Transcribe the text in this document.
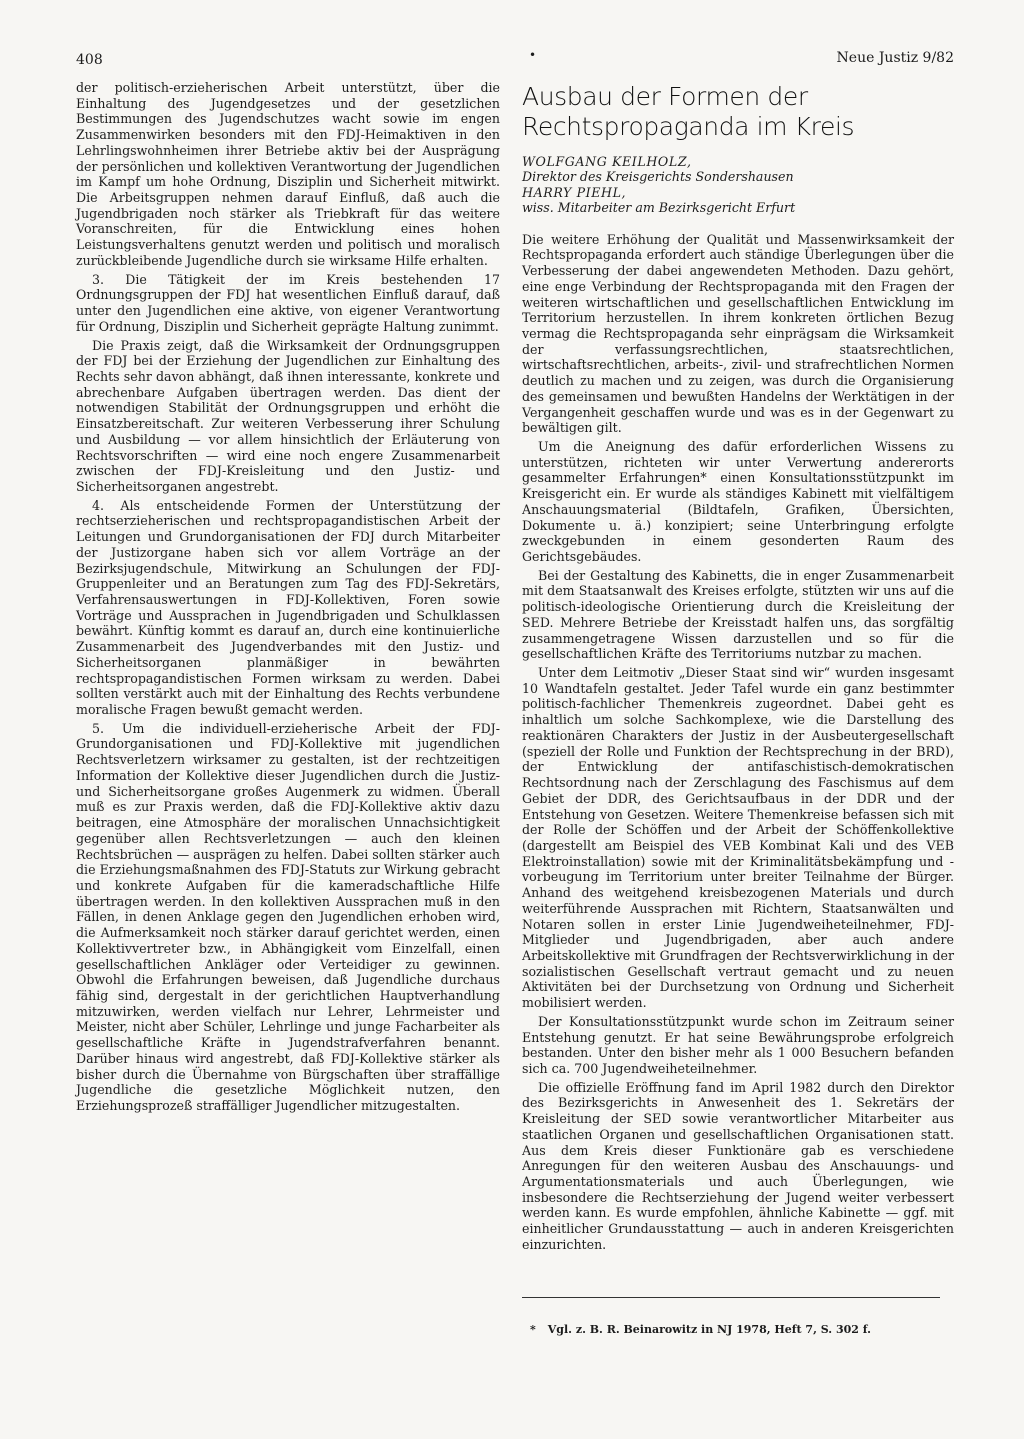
408	•	Neue Justiz 9/82

der politisch-erzieherischen Arbeit unterstützt, über die Einhaltung des Jugendgesetzes und der gesetzlichen Bestimmungen des Jugendschutzes wacht sowie im engen Zusammenwirken besonders mit den FDJ-Heimaktiven in den Lehrlingswohnheimen ihrer Betriebe aktiv bei der Ausprägung der persönlichen und kollektiven Verantwortung der Jugendlichen im Kampf um hohe Ordnung, Disziplin und Sicherheit mitwirkt. Die Arbeitsgruppen nehmen darauf Einfluß, daß auch die Jugendbrigaden noch stärker als Triebkraft für das weitere Voranschreiten, für die Entwicklung eines hohen Leistungsverhaltens genutzt werden und politisch und moralisch zurückbleibende Jugendliche durch sie wirksame Hilfe erhalten.

3. Die Tätigkeit der im Kreis bestehenden 17 Ordnungsgruppen der FDJ hat wesentlichen Einfluß darauf, daß unter den Jugendlichen eine aktive, von eigener Verantwortung für Ordnung, Disziplin und Sicherheit geprägte Haltung zunimmt.

Die Praxis zeigt, daß die Wirksamkeit der Ordnungsgruppen der FDJ bei der Erziehung der Jugendlichen zur Einhaltung des Rechts sehr davon abhängt, daß ihnen interessante, konkrete und abrechenbare Aufgaben übertragen werden. Das dient der notwendigen Stabilität der Ordnungsgruppen und erhöht die Einsatzbereitschaft. Zur weiteren Verbesserung ihrer Schulung und Ausbildung — vor allem hinsichtlich der Erläuterung von Rechtsvorschriften — wird eine noch engere Zusammenarbeit zwischen der FDJ-Kreisleitung und den Justiz- und Sicherheitsorganen angestrebt.

4. Als entscheidende Formen der Unterstützung der rechtserzieherischen und rechtspropagandistischen Arbeit der Leitungen und Grundorganisationen der FDJ durch Mitarbeiter der Justizorgane haben sich vor allem Vorträge an der Bezirksjugendschule, Mitwirkung an Schulungen der FDJ-Gruppenleiter und an Beratungen zum Tag des FDJ-Sekretärs, Verfahrensauswertungen in FDJ-Kollektiven, Foren sowie Vorträge und Aussprachen in Jugendbrigaden und Schulklassen bewährt. Künftig kommt es darauf an, durch eine kontinuierliche Zusammenarbeit des Jugendverbandes mit den Justiz- und Sicherheitsorganen planmäßiger in bewährten rechtspropagandistischen Formen wirksam zu werden. Dabei sollten verstärkt auch mit der Einhaltung des Rechts verbundene moralische Fragen bewußt gemacht werden.

5. Um die individuell-erzieherische Arbeit der FDJ-Grundorganisationen und FDJ-Kollektive mit jugendlichen Rechtsverletzern wirksamer zu gestalten, ist der rechtzeitigen Information der Kollektive dieser Jugendlichen durch die Justiz- und Sicherheitsorgane großes Augenmerk zu widmen. Überall muß es zur Praxis werden, daß die FDJ-Kollektive aktiv dazu beitragen, eine Atmosphäre der moralischen Unnachsichtigkeit gegenüber allen Rechtsverletzungen — auch den kleinen Rechtsbrüchen — ausprägen zu helfen. Dabei sollten stärker auch die Erziehungsmaßnahmen des FDJ-Statuts zur Wirkung gebracht und konkrete Aufgaben für die kameradschaftliche Hilfe übertragen werden. In den kollektiven Aussprachen muß in den Fällen, in denen Anklage gegen den Jugendlichen erhoben wird, die Aufmerksamkeit noch stärker darauf gerichtet werden, einen Kollektivvertreter bzw., in Abhängigkeit vom Einzelfall, einen gesellschaftlichen Ankläger oder Verteidiger zu gewinnen. Obwohl die Erfahrungen beweisen, daß Jugendliche durchaus fähig sind, dergestalt in der gerichtlichen Hauptverhandlung mitzuwirken, werden vielfach nur Lehrer, Lehrmeister und Meister, nicht aber Schüler, Lehrlinge und junge Facharbeiter als gesellschaftliche Kräfte in Jugendstrafverfahren benannt. Darüber hinaus wird angestrebt, daß FDJ-Kollektive stärker als bisher durch die Übernahme von Bürgschaften über straffällige Jugendliche die gesetzliche Möglichkeit nutzen, den Erziehungsprozeß straffälliger Jugendlicher mitzugestalten.

Ausbau der Formen der
Rechtspropaganda im Kreis
WOLFGANG KEILHOLZ,
Direktor des Kreisgerichts Sondershausen
HARRY PIEHL,
wiss. Mitarbeiter am Bezirksgericht Erfurt

Die weitere Erhöhung der Qualität und Massenwirksamkeit der Rechtspropaganda erfordert auch ständige Überlegungen über die Verbesserung der dabei angewendeten Methoden. Dazu gehört, eine enge Verbindung der Rechtspropaganda mit den Fragen der weiteren wirtschaftlichen und gesellschaftlichen Entwicklung im Territorium herzustellen. In ihrem konkreten örtlichen Bezug vermag die Rechtspropaganda sehr einprägsam die Wirksamkeit der verfassungsrechtlichen, staatsrechtlichen, wirtschaftsrechtlichen, arbeits-, zivil- und strafrechtlichen Normen deutlich zu machen und zu zeigen, was durch die Organisierung des gemeinsamen und bewußten Handelns der Werktätigen in der Vergangenheit geschaffen wurde und was es in der Gegenwart zu bewältigen gilt.

Um die Aneignung des dafür erforderlichen Wissens zu unterstützen, richteten wir unter Verwertung andererorts gesammelter Erfahrungen* einen Konsultationsstützpunkt im Kreisgericht ein. Er wurde als ständiges Kabinett mit vielfältigem Anschauungsmaterial (Bildtafeln, Grafiken, Übersichten, Dokumente u. ä.) konzipiert; seine Unterbringung erfolgte zweckgebunden in einem gesonderten Raum des Gerichtsgebäudes.

Bei der Gestaltung des Kabinetts, die in enger Zusammenarbeit mit dem Staatsanwalt des Kreises erfolgte, stützten wir uns auf die politisch-ideologische Orientierung durch die Kreisleitung der SED. Mehrere Betriebe der Kreisstadt halfen uns, das sorgfältig zusammengetragene Wissen darzustellen und so für die gesellschaftlichen Kräfte des Territoriums nutzbar zu machen.

Unter dem Leitmotiv „Dieser Staat sind wir“ wurden insgesamt 10 Wandtafeln gestaltet. Jeder Tafel wurde ein ganz bestimmter politisch-fachlicher Themenkreis zugeordnet. Dabei geht es inhaltlich um solche Sachkomplexe, wie die Darstellung des reaktionären Charakters der Justiz in der Ausbeutergesellschaft (speziell der Rolle und Funktion der Rechtsprechung in der BRD), der Entwicklung der antifaschistisch-demokratischen Rechtsordnung nach der Zerschlagung des Faschismus auf dem Gebiet der DDR, des Gerichtsaufbaus in der DDR und der Entstehung von Gesetzen. Weitere Themenkreise befassen sich mit der Rolle der Schöffen und der Arbeit der Schöffenkollektive (dargestellt am Beispiel des VEB Kombinat Kali und des VEB Elektroinstallation) sowie mit der Kriminalitätsbekämpfung und -vorbeugung im Territorium unter breiter Teilnahme der Bürger. Anhand des weitgehend kreisbezogenen Materials und durch weiterführende Aussprachen mit Richtern, Staatsanwälten und Notaren sollen in erster Linie Jugendweiheteilnehmer, FDJ-Mitglieder und Jugendbrigaden, aber auch andere Arbeitskollektive mit Grundfragen der Rechtsverwirklichung in der sozialistischen Gesellschaft vertraut gemacht und zu neuen Aktivitäten bei der Durchsetzung von Ordnung und Sicherheit mobilisiert werden.

Der Konsultationsstützpunkt wurde schon im Zeitraum seiner Entstehung genutzt. Er hat seine Bewährungsprobe erfolgreich bestanden. Unter den bisher mehr als 1 000 Besuchern befanden sich ca. 700 Jugendweiheteilnehmer.

Die offizielle Eröffnung fand im April 1982 durch den Direktor des Bezirksgerichts in Anwesenheit des 1. Sekretärs der Kreisleitung der SED sowie verantwortlicher Mitarbeiter aus staatlichen Organen und gesellschaftlichen Organisationen statt. Aus dem Kreis dieser Funktionäre gab es verschiedene Anregungen für den weiteren Ausbau des Anschauungs- und Argumentationsmaterials und auch Überlegungen, wie insbesondere die Rechtserziehung der Jugend weiter verbessert werden kann. Es wurde empfohlen, ähnliche Kabinette — ggf. mit einheitlicher Grundausstattung — auch in anderen Kreisgerichten einzurichten.

* Vgl. z. B. R. Beinarowitz in NJ 1978, Heft 7, S. 302 f.
